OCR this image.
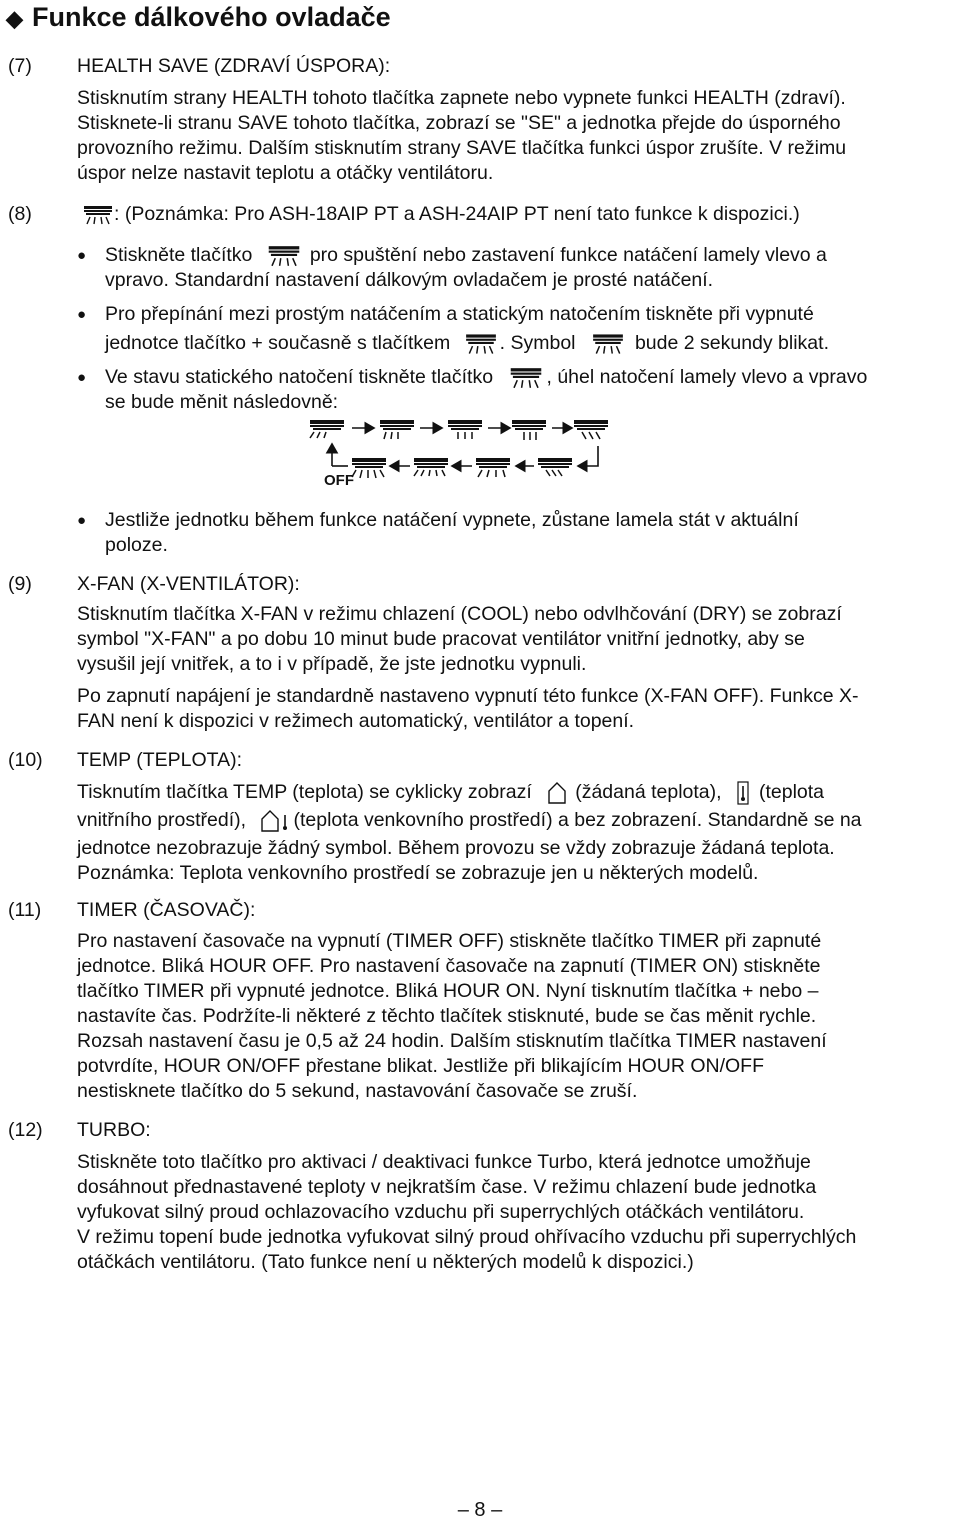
◆ Funkce dálkového ovladače
(7) HEALTH SAVE (ZDRAVÍ ÚSPORA):
Stisknutím strany HEALTH tohoto tlačítka zapnete nebo vypnete funkci HEALTH (zdraví).
Stisknete-li stranu SAVE tohoto tlačítka, zobrazí se "SE" a jednotka přejde do úsporného
provozního režimu. Dalším stisknutím strany SAVE tlačítka funkci úspor zrušíte. V režimu
úspor nelze nastavit teplotu a otáčky ventilátoru.
(8)	: (Poznámka: Pro ASH-18AIP PT a ASH-24AIP PT není tato funkce k dispozici.)
● Stiskněte tlačítko	pro spuštění nebo zastavení funkce natáčení lamely vlevo a
vpravo. Standardní nastavení dálkovým ovladačem je prosté natáčení.
● Pro přepínání mezi prostým natáčením a statickým natočením tiskněte při vypnuté
jednotce tlačítko + současně s tlačítkem	. Symbol	bude 2 sekundy blikat.
● Ve stavu statického natočení tiskněte tlačítko	, úhel natočení lamely vlevo a vpravo
se bude měnit následovně:
OFF
● Jestliže jednotku během funkce natáčení vypnete, zůstane lamela stát v aktuální
poloze.
(9) X-FAN (X-VENTILÁTOR):
Stisknutím tlačítka X-FAN v režimu chlazení (COOL) nebo odvlhčování (DRY) se zobrazí
symbol "X-FAN" a po dobu 10 minut bude pracovat ventilátor vnitřní jednotky, aby se
vysušil její vnitřek, a to i v případě, že jste jednotku vypnuli.
Po zapnutí napájení je standardně nastaveno vypnutí této funkce (X-FAN OFF). Funkce X-
FAN není k dispozici v režimech automatický, ventilátor a topení.
(10) TEMP (TEPLOTA):
Tisknutím tlačítka TEMP (teplota) se cyklicky zobrazí (žádaná teplota), (teplota
vnitřního prostředí), (teplota venkovního prostředí) a bez zobrazení. Standardně se na
jednotce nezobrazuje žádný symbol. Během provozu se vždy zobrazuje žádaná teplota.
Poznámka: Teplota venkovního prostředí se zobrazuje jen u některých modelů.
(11) TIMER (ČASOVAČ):
Pro nastavení časovače na vypnutí (TIMER OFF) stiskněte tlačítko TIMER při zapnuté
jednotce. Bliká HOUR OFF. Pro nastavení časovače na zapnutí (TIMER ON) stiskněte
tlačítko TIMER při vypnuté jednotce. Bliká HOUR ON. Nyní tisknutím tlačítka + nebo –
nastavíte čas. Podržíte-li některé z těchto tlačítek stisknuté, bude se čas měnit rychle.
Rozsah nastavení času je 0,5 až 24 hodin. Dalším stisknutím tlačítka TIMER nastavení
potvrdíte, HOUR ON/OFF přestane blikat. Jestliže při blikajícím HOUR ON/OFF
nestisknete tlačítko do 5 sekund, nastavování časovače se zruší.
(12) TURBO:
Stiskněte toto tlačítko pro aktivaci / deaktivaci funkce Turbo, která jednotce umožňuje
dosáhnout přednastavené teploty v nejkratším čase. V režimu chlazení bude jednotka
vyfukovat silný proud ochlazovacího vzduchu při superrychlých otáčkách ventilátoru.
V režimu topení bude jednotka vyfukovat silný proud ohřívacího vzduchu při superrychlých
otáčkách ventilátoru. (Tato funkce není u některých modelů k dispozici.)
– 8 –
